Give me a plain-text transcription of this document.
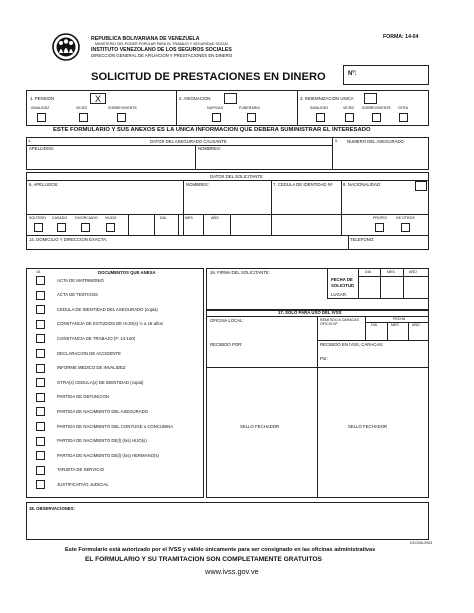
REPUBLICA BOLIVARIANA DE VENEZUELA
MINISTERIO DEL PODER POPULAR PARA EL TRABAJO Y SEGURIDAD SOCIAL
INSTITUTO VENEZOLANO DE LOS SEGUROS SOCIALES
DIRECCION GENERAL DE AFILIACION Y PRESTACIONES EN DINERO
FORMA: 14-04
SOLICITUD DE PRESTACIONES EN DINERO	Nº:
1. PENSION	X
INVALIDEZ	VEJEZ	SOBREVIVIENTE
2. ASIGNACION
NUPCIAS	FUNERARIA
3. INDEMNIZACION UNICA
INVALIDEZ	VEJEZ SOBREVIVIENTE OTRA
ESTE FORMULARIO Y SUS ANEXOS ES LA UNICA INFORMACION QUE DEBERA SUMINISTRAR EL INTERESADO
4.	DATOS DEL ASEGURADO CAUSANTE	5. NUMERO DEL ASEGURADO
APELLIDOS:	NOMBRES:
DATOS DEL SOLICITANTE
6. APELLIDOS:	NOMBRES:	7. CEDULA DE IDENTIDAD Nº: 8. NACIONALIDAD:
SOLTERO CASADO DIVORCIADO VIUDO	DIA	MES	AÑO	PROPIO	DE OTROS
14. DOMICILIO Y DIRECCION EXACTA:	TELEFONO:
15.	DOCUMENTOS QUE ANEXA
ACTA DE MATRIMONIO
ACTA DE TESTIGOS
CEDULA DE IDENTIDAD DEL ASEGURADO (copia)
CONSTANCIA DE ESTUDIOS DE HIJO(s) ½ a 18 años
CONSTANCIA DE TRABAJO (F: 14-100)
DECLARACION DE ACCIDENTE
INFORME MEDICO DE INVALIDEZ
OTRA(s) CEDULA(s) DE IDENTIDAD (copia)
PARTIDA DE DEFUNCION
PARTIDA DE NACIMIENTO DEL ASEGURADO
PARTIDA DE NACIMIENTO DEL CONYUGE o CONCUBINA
PARTIDA DE NACIMIENTO DE(l) (los) HIJO(s)
PARTIDA DE NACIMIENTO DE(l) (los) HERMANO(s)
TARJETA DE SERVICIO
JUSTIFICATIVO JUDICIAL
16. FIRMA DEL SOLICITANTE:
FECHA DE SOLICITUD
DIA	MES	AÑO
LUGAR:
17. SOLO PARA USO DEL IVSS
OFICINA LOCAL:	REMITIDO A CARACAS OFICIO Nº
FECHA
DIA	MES	AÑO
RECIBIDO POR:	RECIBIDO EN IVSS, CARACAS:
Por:
SELLO FECHADOR	SELLO FECHADOR
18. OBSERVACIONES:
DCG/06-2004
Este Formulario está autorizado por el IVSS y válido únicamente para ser consignado en las oficinas administrativas
EL FORMULARIO Y SU TRAMITACION SON COMPLETAMENTE GRATUITOS
www.ivss.gov.ve
